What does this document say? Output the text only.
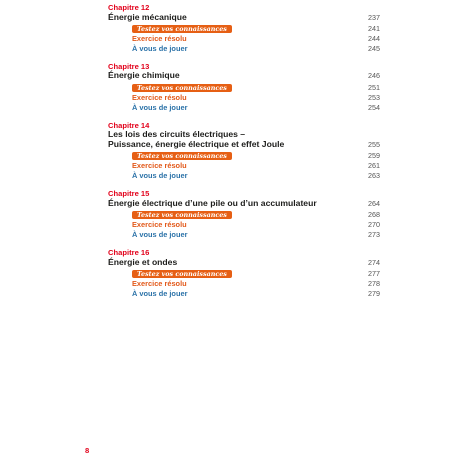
Chapitre 12
Énergie mécanique	237
Testez vos connaissances	241
Exercice résolu	244
À vous de jouer	245
Chapitre 13
Énergie chimique	246
Testez vos connaissances	251
Exercice résolu	253
À vous de jouer	254
Chapitre 14
Les lois des circuits électriques –
Puissance, énergie électrique et effet Joule	255
Testez vos connaissances	259
Exercice résolu	261
À vous de jouer	263
Chapitre 15
Énergie électrique d’une pile ou d’un accumulateur	264
Testez vos connaissances	268
Exercice résolu	270
À vous de jouer	273
Chapitre 16
Énergie et ondes	274
Testez vos connaissances	277
Exercice résolu	278
À vous de jouer	279
8
